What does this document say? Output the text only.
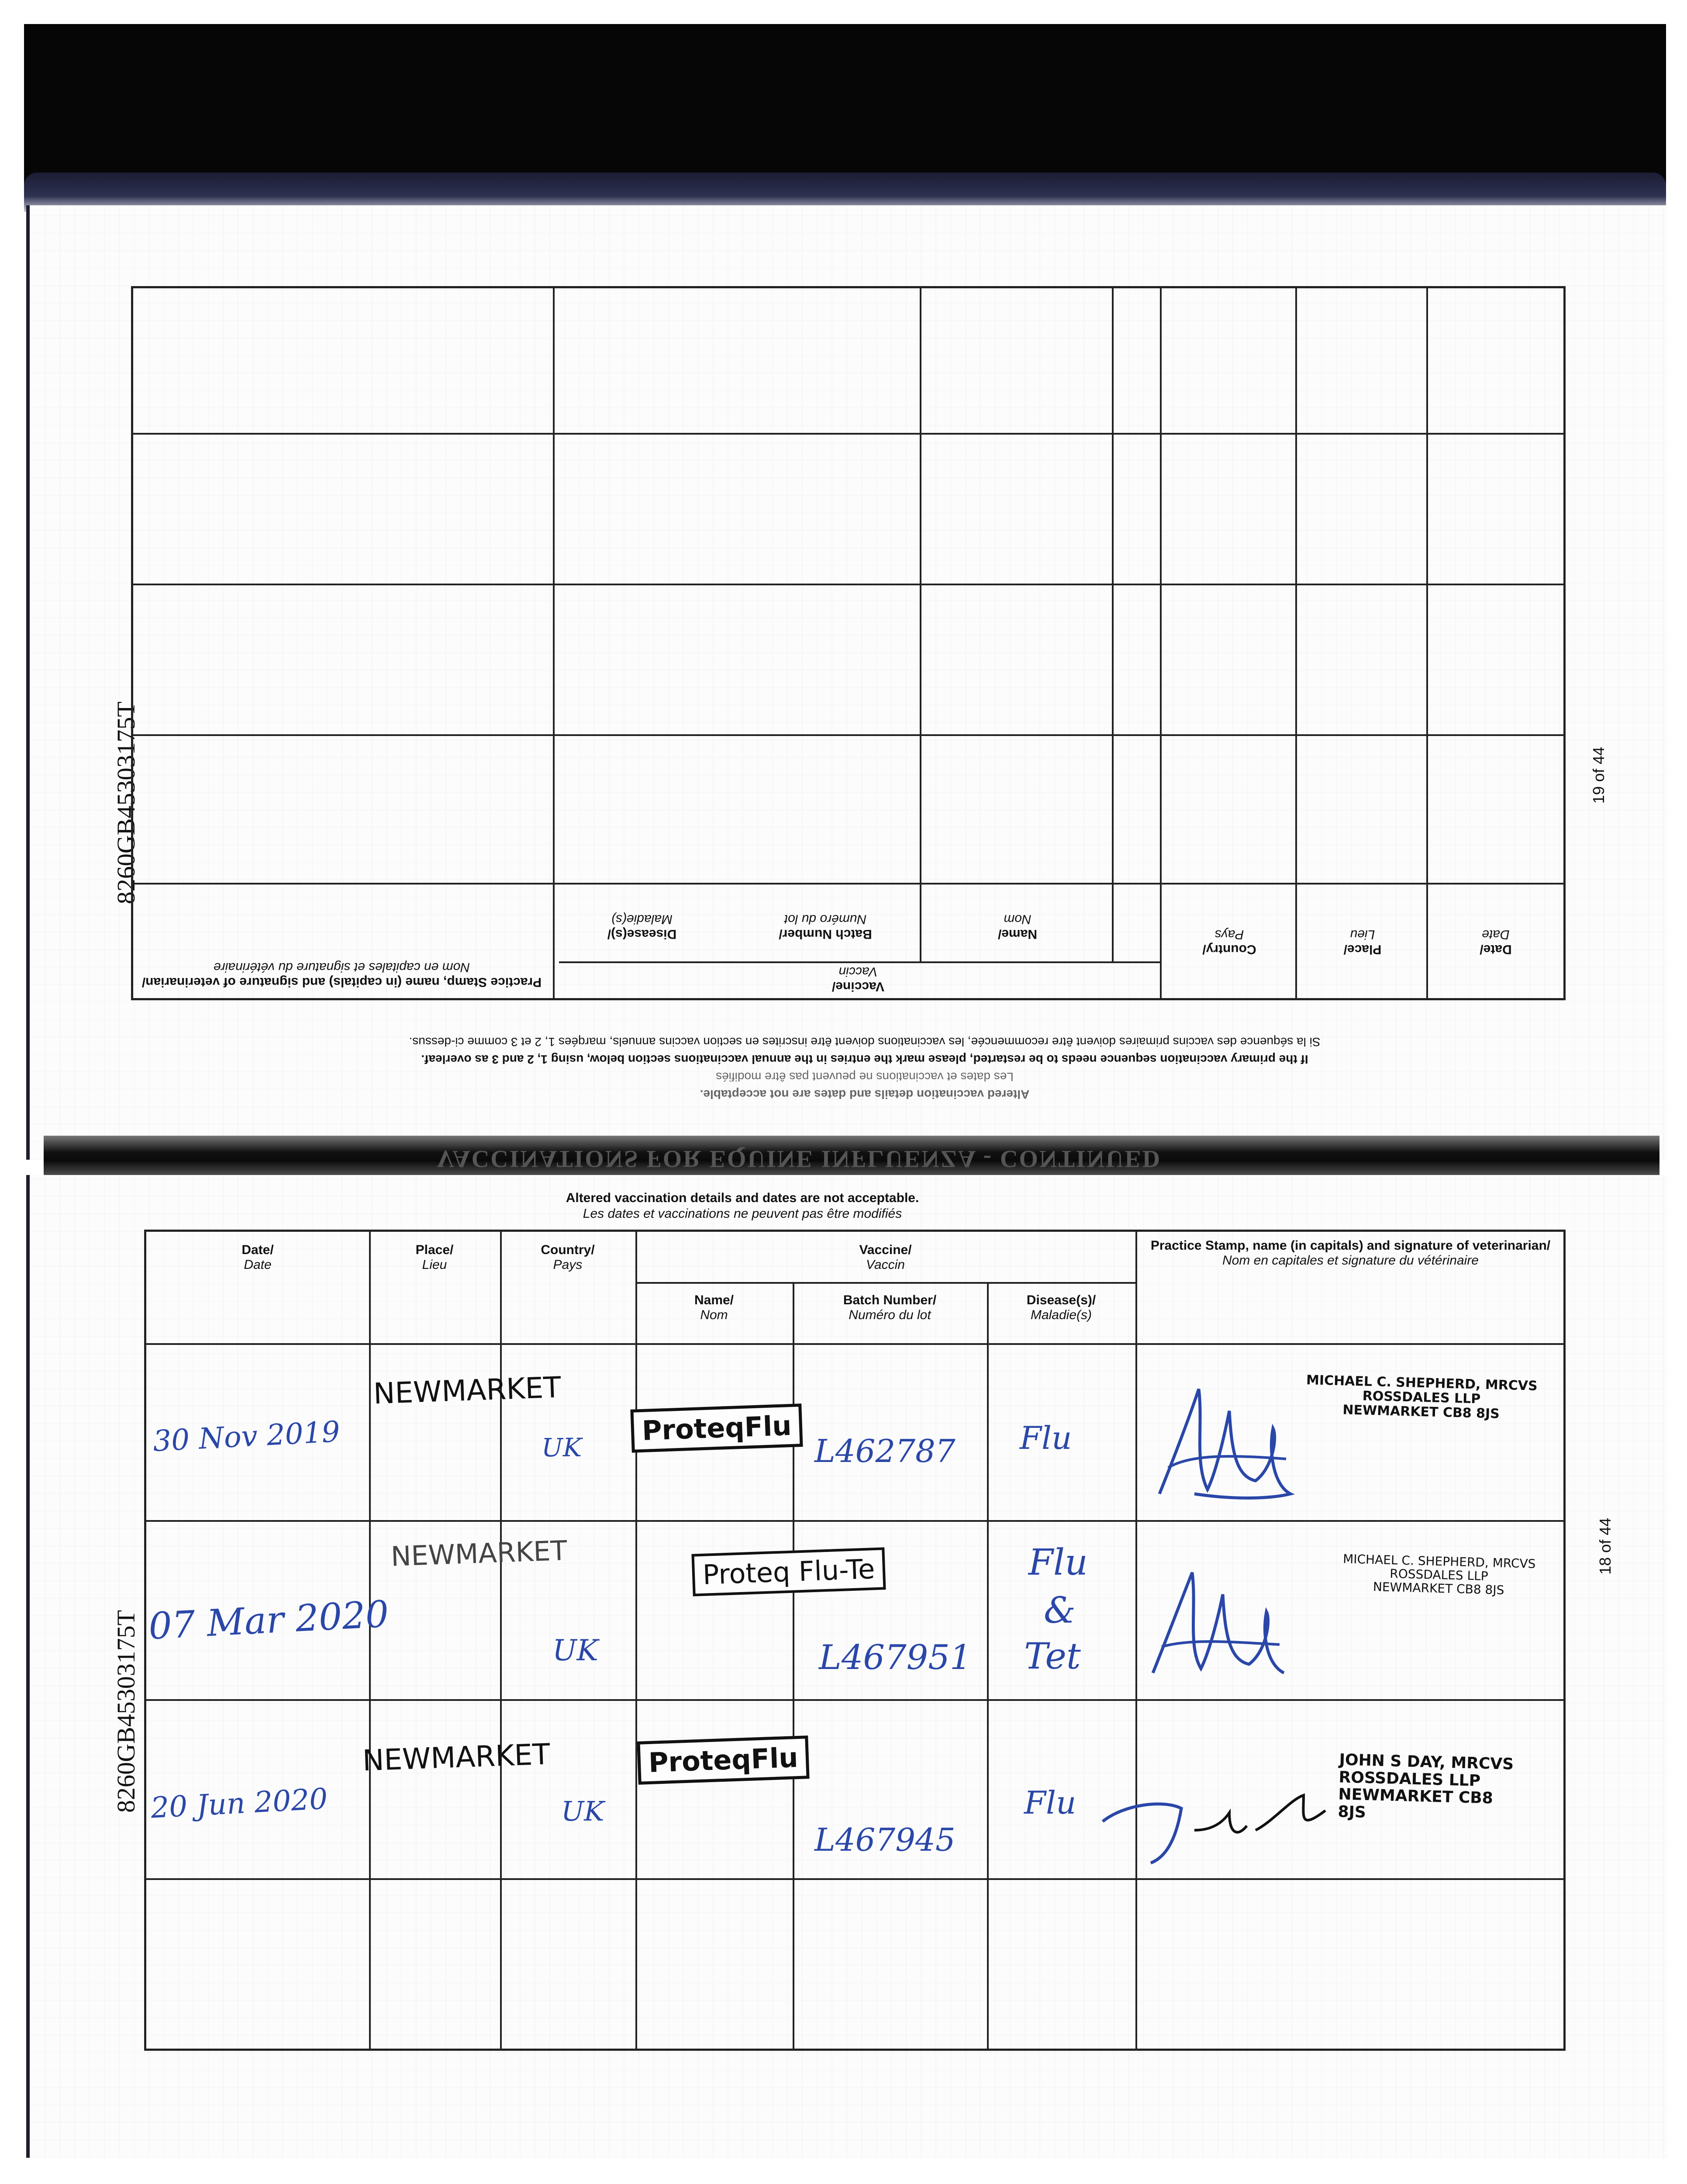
8260GB45303175T	19 of 44
Date/
Date
Place/
Lieu
Country/
Pays
Vaccine/
Vaccin
Name/
Nom
Batch Number/
Numéro du lot
Disease(s)/
Maladie(s)
Practice Stamp, name (in capitals) and signature of veterinarian/
Nom en capitales et signature du vétérinaire
Altered vaccination details and dates are not acceptable.
Les dates et vaccinations ne peuvent pas être modifiés
If the primary vaccination sequence needs to be restarted, please mark the entries in the annual vaccinations section below, using 1, 2 and 3 as overleaf.
Si la séquence des vaccins primaires doivent être recommencée, les vaccinations doivent être inscrites en section vaccins annuels, marqées 1, 2 et 3 comme ci-dessus.
VACCINATIONS FOR EQUINE INFLUENZA - CONTINUED
8260GB45303175T
18 of 44
Altered vaccination details and dates are not acceptable.
Les dates et vaccinations ne peuvent pas être modifiés
Date/
Date
Place/
Lieu
Country/
Pays
Vaccine/
Vaccin
Name/
Nom
Batch Number/
Numéro du lot
Disease(s)/
Maladie(s)
Practice Stamp, name (in capitals) and signature of veterinarian/
Nom en capitales et signature du vétérinaire
30 Nov 2019
NEWMARKET
UK
ProteqFlu
L462787 Flu
MICHAEL C. SHEPHERD, MRCVS
ROSSDALES LLP
NEWMARKET CB8 8JS
07 Mar 2020
NEWMARKET
UK
Proteq Flu-Te
L467951
Flu
&
Tet
MICHAEL C. SHEPHERD, MRCVS
ROSSDALES LLP
NEWMARKET CB8 8JS
20 Jun 2020
NEWMARKET
UK
ProteqFlu
L467945
Flu
JOHN S DAY, MRCVS
ROSSDALES LLP
NEWMARKET CB8 8JS
